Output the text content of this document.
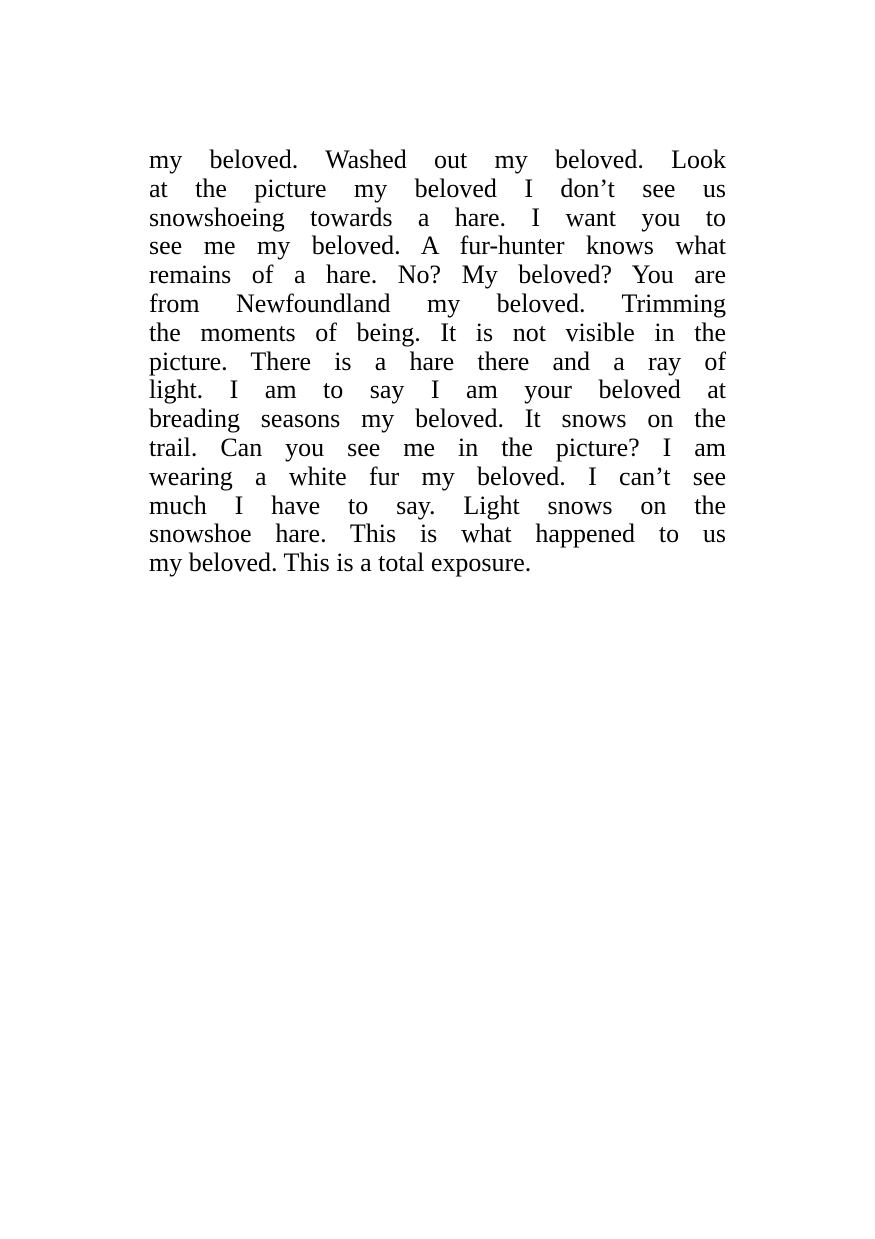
my beloved. Washed out my beloved. Look
at the picture my beloved I don’t see us
snowshoeing towards a hare. I want you to
see me my beloved. A fur-hunter knows what
remains of a hare. No? My beloved? You are
from Newfoundland my beloved. Trimming
the moments of being. It is not visible in the
picture. There is a hare there and a ray of
light. I am to say I am your beloved at
breading seasons my beloved. It snows on the
trail. Can you see me in the picture? I am
wearing a white fur my beloved. I can’t see
much I have to say. Light snows on the
snowshoe hare. This is what happened to us
my beloved. This is a total exposure.
